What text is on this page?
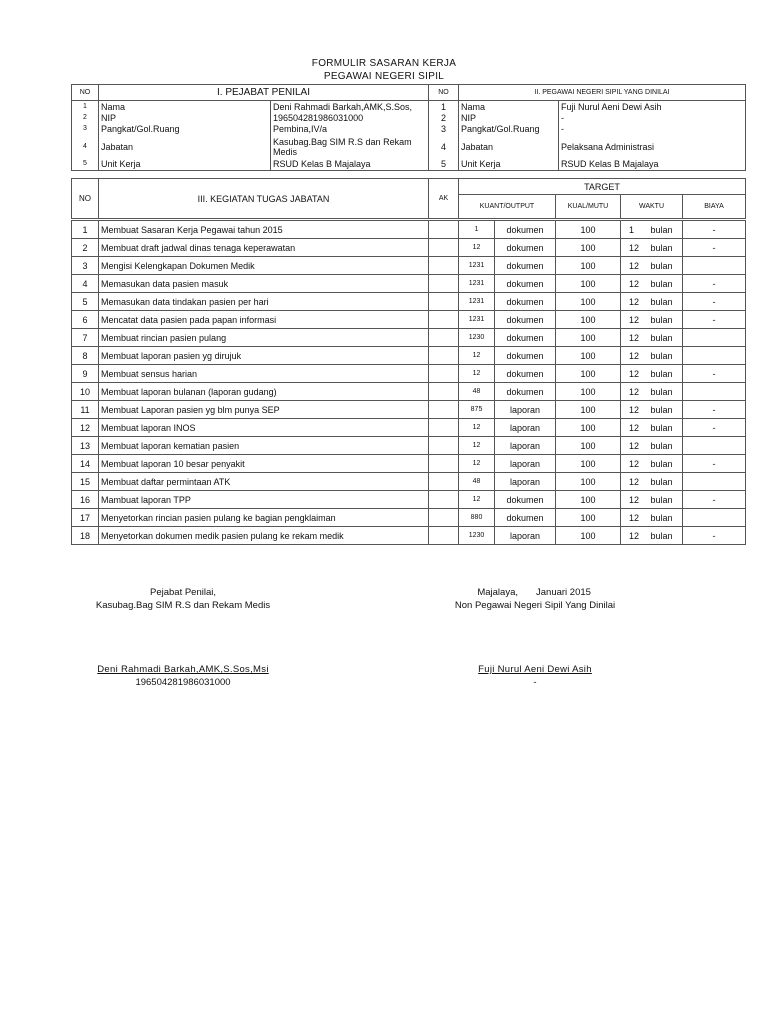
FORMULIR SASARAN KERJA
PEGAWAI NEGERI SIPIL
NO	I. PEJABAT PENILAI	NO	II. PEGAWAI NEGERI SIPIL YANG DINILAI
1	Nama	Deni Rahmadi Barkah,AMK,S.Sos,	1	Nama	Fuji Nurul Aeni Dewi Asih
2	NIP	196504281986031000	2	NIP	-
3	Pangkat/Gol.Ruang	Pembina,IV/a	3	Pangkat/Gol.Ruang	-
4	Jabatan	Kasubag.Bag SIM R.S dan Rekam Medis	4	Jabatan	Pelaksana Administrasi
5	Unit Kerja	RSUD Kelas B Majalaya	5	Unit Kerja	RSUD Kelas B Majalaya
NO	III. KEGIATAN TUGAS JABATAN	AK	TARGET			
			KUANT/OUTPUT	KUAL/MUTU	WAKTU	BIAYA
1	Membuat Sasaran Kerja Pegawai tahun 2015		1	dokumen	100	1	bulan	-
2	Membuat draft jadwal dinas tenaga keperawatan		12	dokumen	100	12	bulan	-
3	Mengisi Kelengkapan Dokumen Medik		1231	dokumen	100	12	bulan	
4	Memasukan data pasien masuk		1231	dokumen	100	12	bulan	-
5	Memasukan data tindakan pasien per hari		1231	dokumen	100	12	bulan	-
6	Mencatat data pasien pada papan informasi		1231	dokumen	100	12	bulan	-
7	Membuat rincian pasien pulang		1230	dokumen	100	12	bulan	
8	Membuat laporan pasien yg dirujuk		12	dokumen	100	12	bulan	
9	Membuat sensus harian		12	dokumen	100	12	bulan	-
10	Membuat laporan bulanan (laporan gudang)		48	dokumen	100	12	bulan	
11	Membuat Laporan pasien yg blm punya SEP		875	laporan	100	12	bulan	-
12	Membuat laporan INOS		12	laporan	100	12	bulan	-
13	Membuat laporan kematian pasien		12	laporan	100	12	bulan	
14	Membuat laporan 10 besar penyakit		12	laporan	100	12	bulan	-
15	Membuat daftar permintaan ATK		48	laporan	100	12	bulan	
16	Mambuat laporan TPP		12	dokumen	100	12	bulan	-
17	Menyetorkan rincian pasien pulang ke bagian pengklaiman		880	dokumen	100	12	bulan	
18	Menyetorkan dokumen medik pasien pulang ke rekam medik		1230	laporan	100	12	bulan	-
Pejabat Penilai,
Kasubag.Bag SIM R.S dan Rekam Medis
Deni Rahmadi Barkah,AMK,S.Sos,Msi
196504281986031000
Majalaya, Januari 2015
Non Pegawai Negeri Sipil Yang Dinilai
Fuji Nurul Aeni Dewi Asih
-
